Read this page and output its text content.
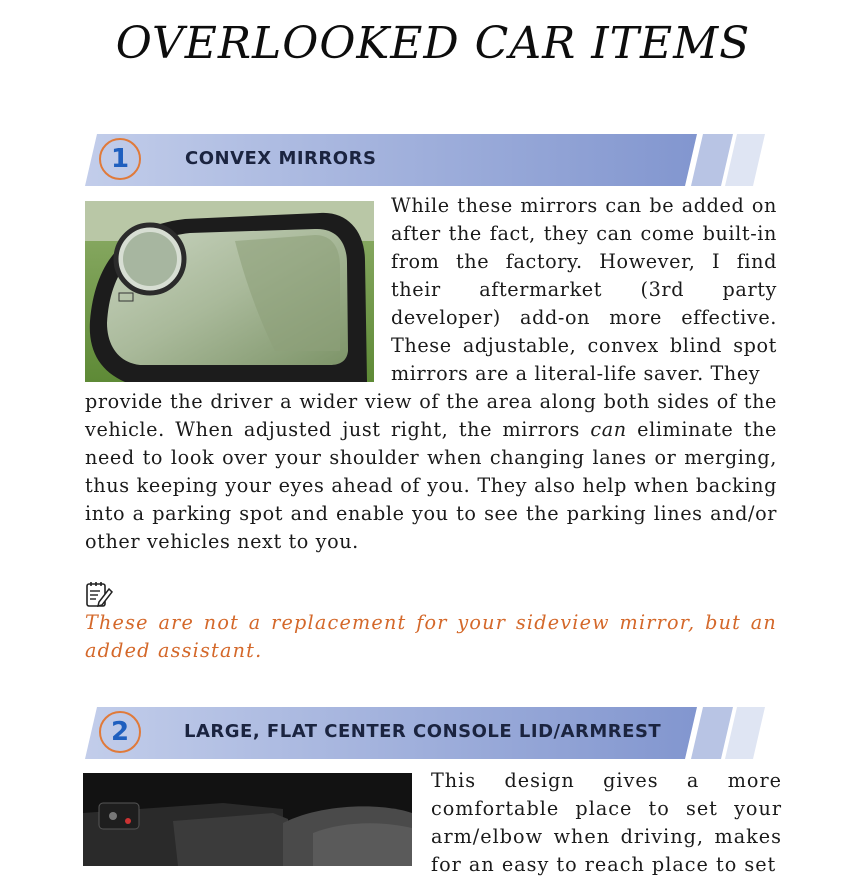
OVERLOOKED CAR ITEMS
1	CONVEX MIRRORS

While these mirrors can be added on after the fact, they can come built-in from the factory. However, I find their aftermarket (3rd party developer) add-on more effective. These adjustable, convex blind spot mirrors are a literal-life saver. They

provide the driver a wider view of the area along both sides of the vehicle. When adjusted just right, the mirrors can eliminate the need to look over your shoulder when changing lanes or merging, thus keeping your eyes ahead of you. They also help when backing into a parking spot and enable you to see the parking lines and/or other vehicles next to you.

These are not a replacement for your sideview mirror, but an added assistant.
2	LARGE, FLAT CENTER CONSOLE LID/ARMREST
This design gives a more comfortable place to set your arm/elbow when driving, makes for an easy to reach place to set
